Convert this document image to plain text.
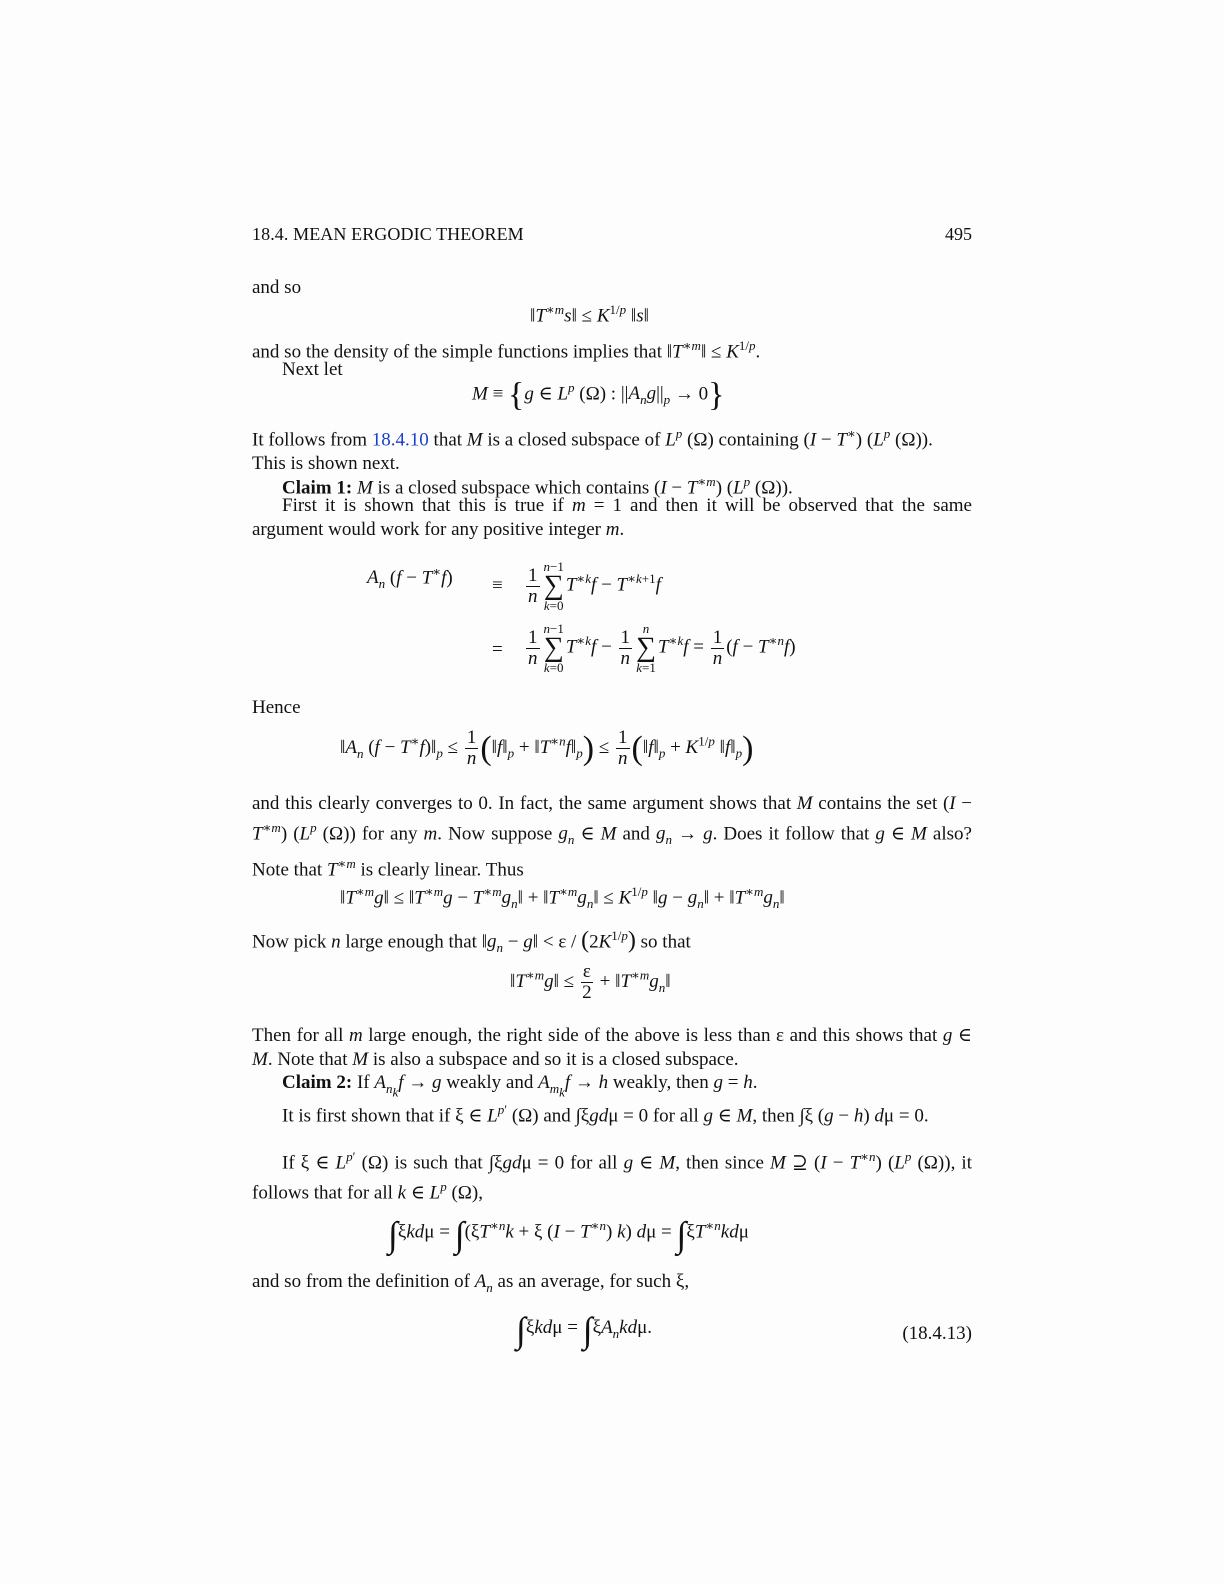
18.4. MEAN ERGODIC THEOREM	495
and so
$‖T^{∗m}s‖ \le K^{1/p}$ ‖s‖
and so the density of the simple functions implies that $‖T^{∗m}‖ \le K^{1/p}$.
Next let
M ≡ {g ∈ $L^p$ (Ω) : $||A_ng||_p \to 0$}
It follows from 18.4.10 that M is a closed subspace of $L^p$ (Ω) containing (I − T∗) ($L^p$ (Ω)).
This is shown next.
Claim 1: M is a closed subspace which contains $(I - T^{∗m})$ ($L^p$ (Ω)).
First it is shown that this is true if m = 1 and then it will be observed that the same argument would work for any positive integer m.
$A_n$ $(f - T^∗f) \equiv \frac{1}{n} n-1$
∑
$k=0T^{∗k}f - T^{∗k+1}f$
= $\frac{1}{n} n-1$
∑
$k=0T^{∗k}f - \frac{1}{n}$ n
∑
$k=1T^{∗k}f = \frac{1}{n} (f - T^{∗n}f)$
Hence
$‖A_n$ $(f - T^∗f)‖_p \le \frac{1}{n}$ ($‖f‖_p$ + $‖T^{∗n}f‖_p) \le \frac{1}{n}$ ($‖f‖_p + K^{1/p}$ $‖f‖_p$)
and this clearly converges to 0. In fact, the same argument shows that M contains the set $(I - T^{∗m})$ ($L^p$ (Ω)) for any m. Now suppose $g_n$ ∈ M and $g_n \to g$. Does it follow that g ∈ M also? Note that $T^{∗m}$ is clearly linear. Thus
$‖T^{∗m}g‖$ ≤ $‖T^{∗m}g$ − $T^{∗m}g_n‖$ + $‖T^{∗m}g_n‖ \le K^{1/p}$ ‖g − $g_n‖$ + $‖T^{∗m}g_n‖$
Now pick n large enough that $‖g_n$ − g‖ < ε / $(2K^{1/p})$ so that
$‖T^{∗m}g‖ \le \frac{\varepsilon}{2}$ + $‖T^{∗m}g_n‖$
Then for all m large enough, the right side of the above is less than ε and this shows that g ∈ M. Note that M is also a subspace and so it is a closed subspace.
Claim 2: If $A_{n_k}f \to g$ weakly and $A_{m_k}f \to h$ weakly, then g = h.
It is first shown that if ξ ∈ $L^{p'}$ (Ω) and ∫ξgdμ = 0 for all g ∈ M, then ∫ξ (g − h) dμ = 0.
If ξ ∈ $L^{p'}$ (Ω) is such that ∫ξgdμ = 0 for all g ∈ M, then since M ⊇ $(I - T^{∗n})$ ($L^p$ (Ω)), it follows that for all k ∈ $L^p$ (Ω),
$\int\xi kd\mu = \int(\xi T^{∗n}k + \xi$ $(I - T^{∗n})$ k) $d\mu = \int\xi T^{∗n}kd\mu$
and so from the definition of $A_n$ as an average, for such ξ,
$\int\xi kd\mu = \int\xi A_nkd\mu$.	(18.4.13)
